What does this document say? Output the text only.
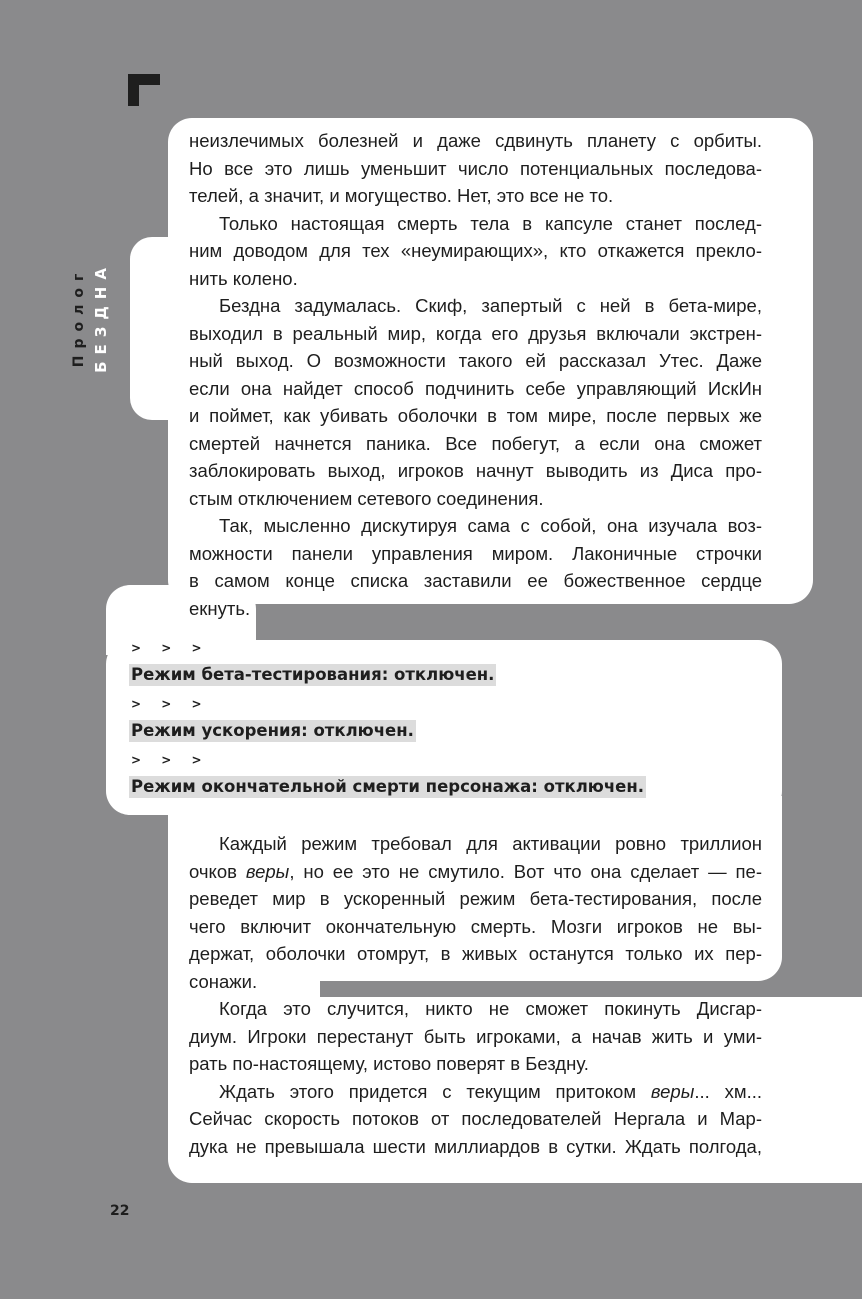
Пролог БЕЗДНА
неизлечимых болезней и даже сдвинуть планету с орбиты.
Но все это лишь уменьшит число потенциальных последова-
телей, а значит, и могущество. Нет, это все не то.
Только настоящая смерть тела в капсуле станет послед-
ним доводом для тех «неумирающих», кто откажется прекло-
нить колено.
Бездна задумалась. Скиф, запертый с ней в бета-мире,
выходил в реальный мир, когда его друзья включали экстрен-
ный выход. О возможности такого ей рассказал Утес. Даже
если она найдет способ подчинить себе управляющий ИскИн
и поймет, как убивать оболочки в том мире, после первых же
смертей начнется паника. Все побегут, а если она сможет
заблокировать выход, игроков начнут выводить из Диса про-
стым отключением сетевого соединения.
Так, мысленно дискутируя сама с собой, она изучала воз-
можности панели управления миром. Лаконичные строчки
в самом конце списка заставили ее божественное сердце
екнуть.
> > >
Режим бета-тестирования: отключен.
> > >
Режим ускорения: отключен.
> > >
Режим окончательной смерти персонажа: отключен.
Каждый режим требовал для активации ровно триллион
очков веры, но ее это не смутило. Вот что она сделает — пе-
реведет мир в ускоренный режим бета-тестирования, после
чего включит окончательную смерть. Мозги игроков не вы-
держат, оболочки отомрут, в живых останутся только их пер-
сонажи.
Когда это случится, никто не сможет покинуть Дисгар-
диум. Игроки перестанут быть игроками, а начав жить и уми-
рать по-настоящему, истово поверят в Бездну.
Ждать этого придется с текущим притоком веры... хм...
Сейчас скорость потоков от последователей Нергала и Мар-
дука не превышала шести миллиардов в сутки. Ждать полгода,
22
